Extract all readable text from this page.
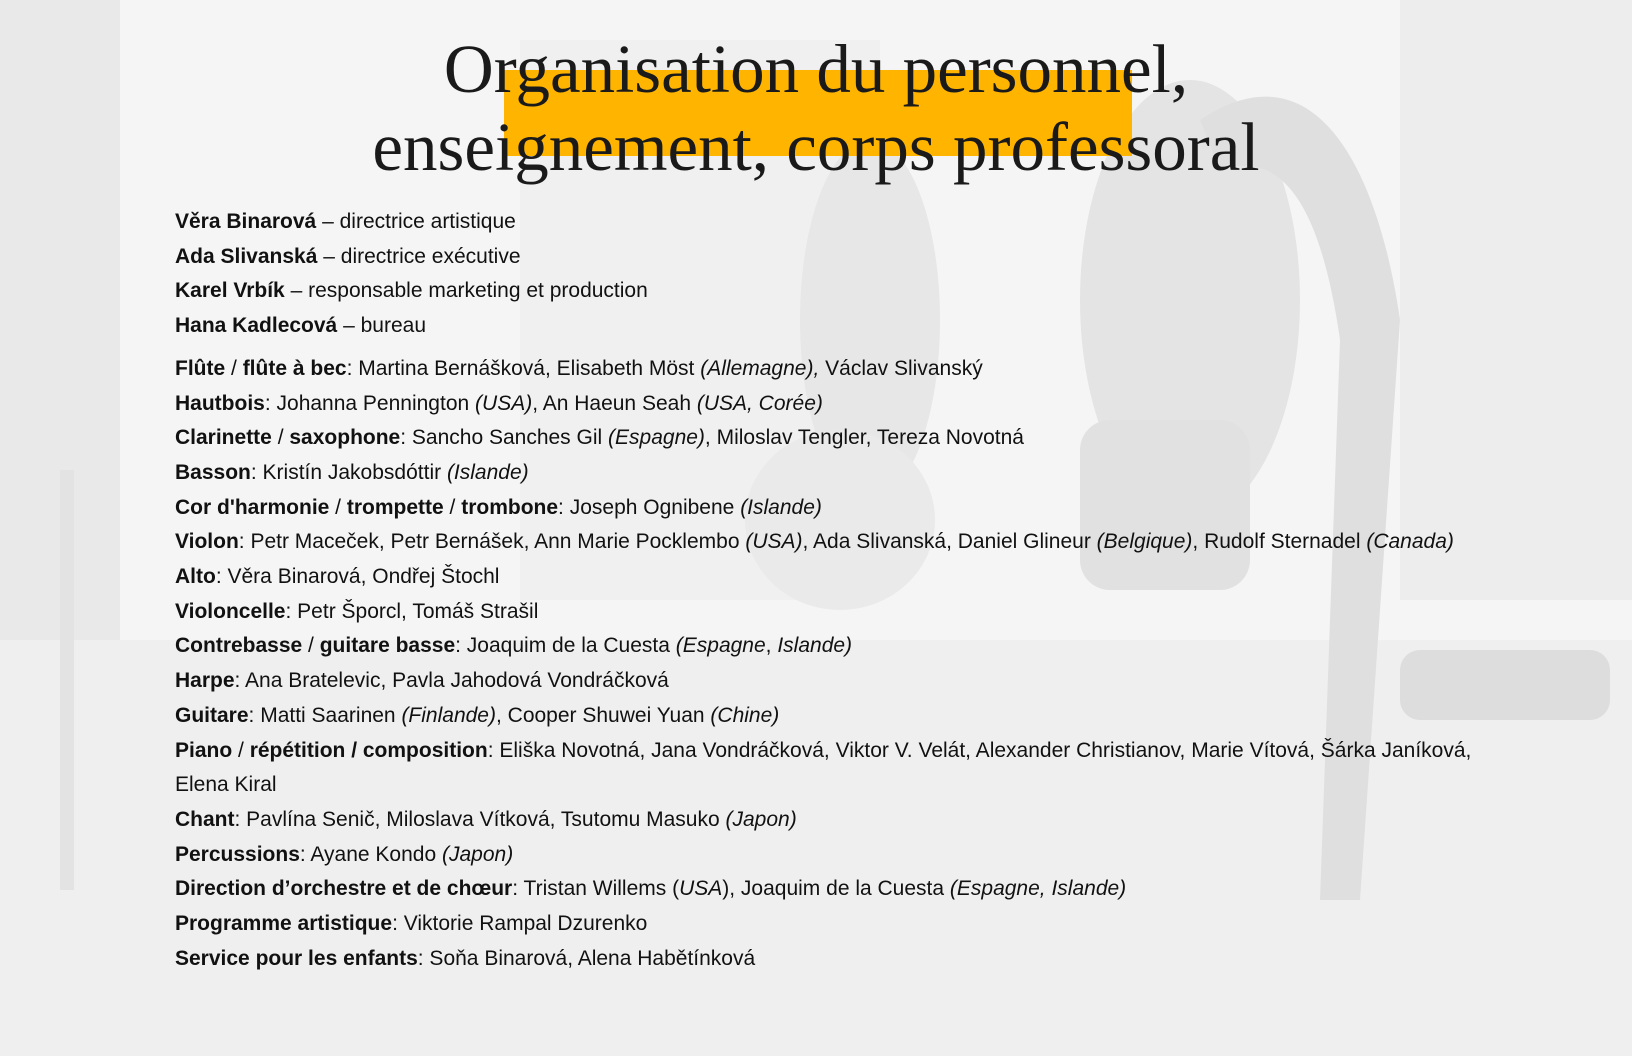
Organisation du personnel,
enseignement, corps professoral
Věra Binarová – directrice artistique
Ada Slivanská – directrice exécutive
Karel Vrbík – responsable marketing et production
Hana Kadlecová – bureau
Flûte / flûte à bec: Martina Bernášková, Elisabeth Möst (Allemagne), Václav Slivanský
Hautbois: Johanna Pennington (USA), An Haeun Seah (USA, Corée)
Clarinette / saxophone: Sancho Sanches Gil (Espagne), Miloslav Tengler, Tereza Novotná
Basson: Kristín Jakobsdóttir (Islande)
Cor d'harmonie / trompette / trombone: Joseph Ognibene (Islande)
Violon: Petr Maceček, Petr Bernášek, Ann Marie Pocklembo (USA), Ada Slivanská, Daniel Glineur (Belgique), Rudolf Sternadel (Canada)
Alto: Věra Binarová, Ondřej Štochl
Violoncelle: Petr Šporcl, Tomáš Strašil
Contrebasse / guitare basse: Joaquim de la Cuesta (Espagne, Islande)
Harpe: Ana Bratelevic, Pavla Jahodová Vondráčková
Guitare: Matti Saarinen (Finlande), Cooper Shuwei Yuan (Chine)
Piano / répétition / composition: Eliška Novotná, Jana Vondráčková, Viktor V. Velát, Alexander Christianov, Marie Vítová, Šárka Janíková, Elena Kiral
Chant: Pavlína Senič, Miloslava Vítková, Tsutomu Masuko (Japon)
Percussions: Ayane Kondo (Japon)
Direction d’orchestre et de chœur: Tristan Willems (USA), Joaquim de la Cuesta (Espagne, Islande)
Programme artistique: Viktorie Rampal Dzurenko
Service pour les enfants: Soňa Binarová, Alena Habětínková
